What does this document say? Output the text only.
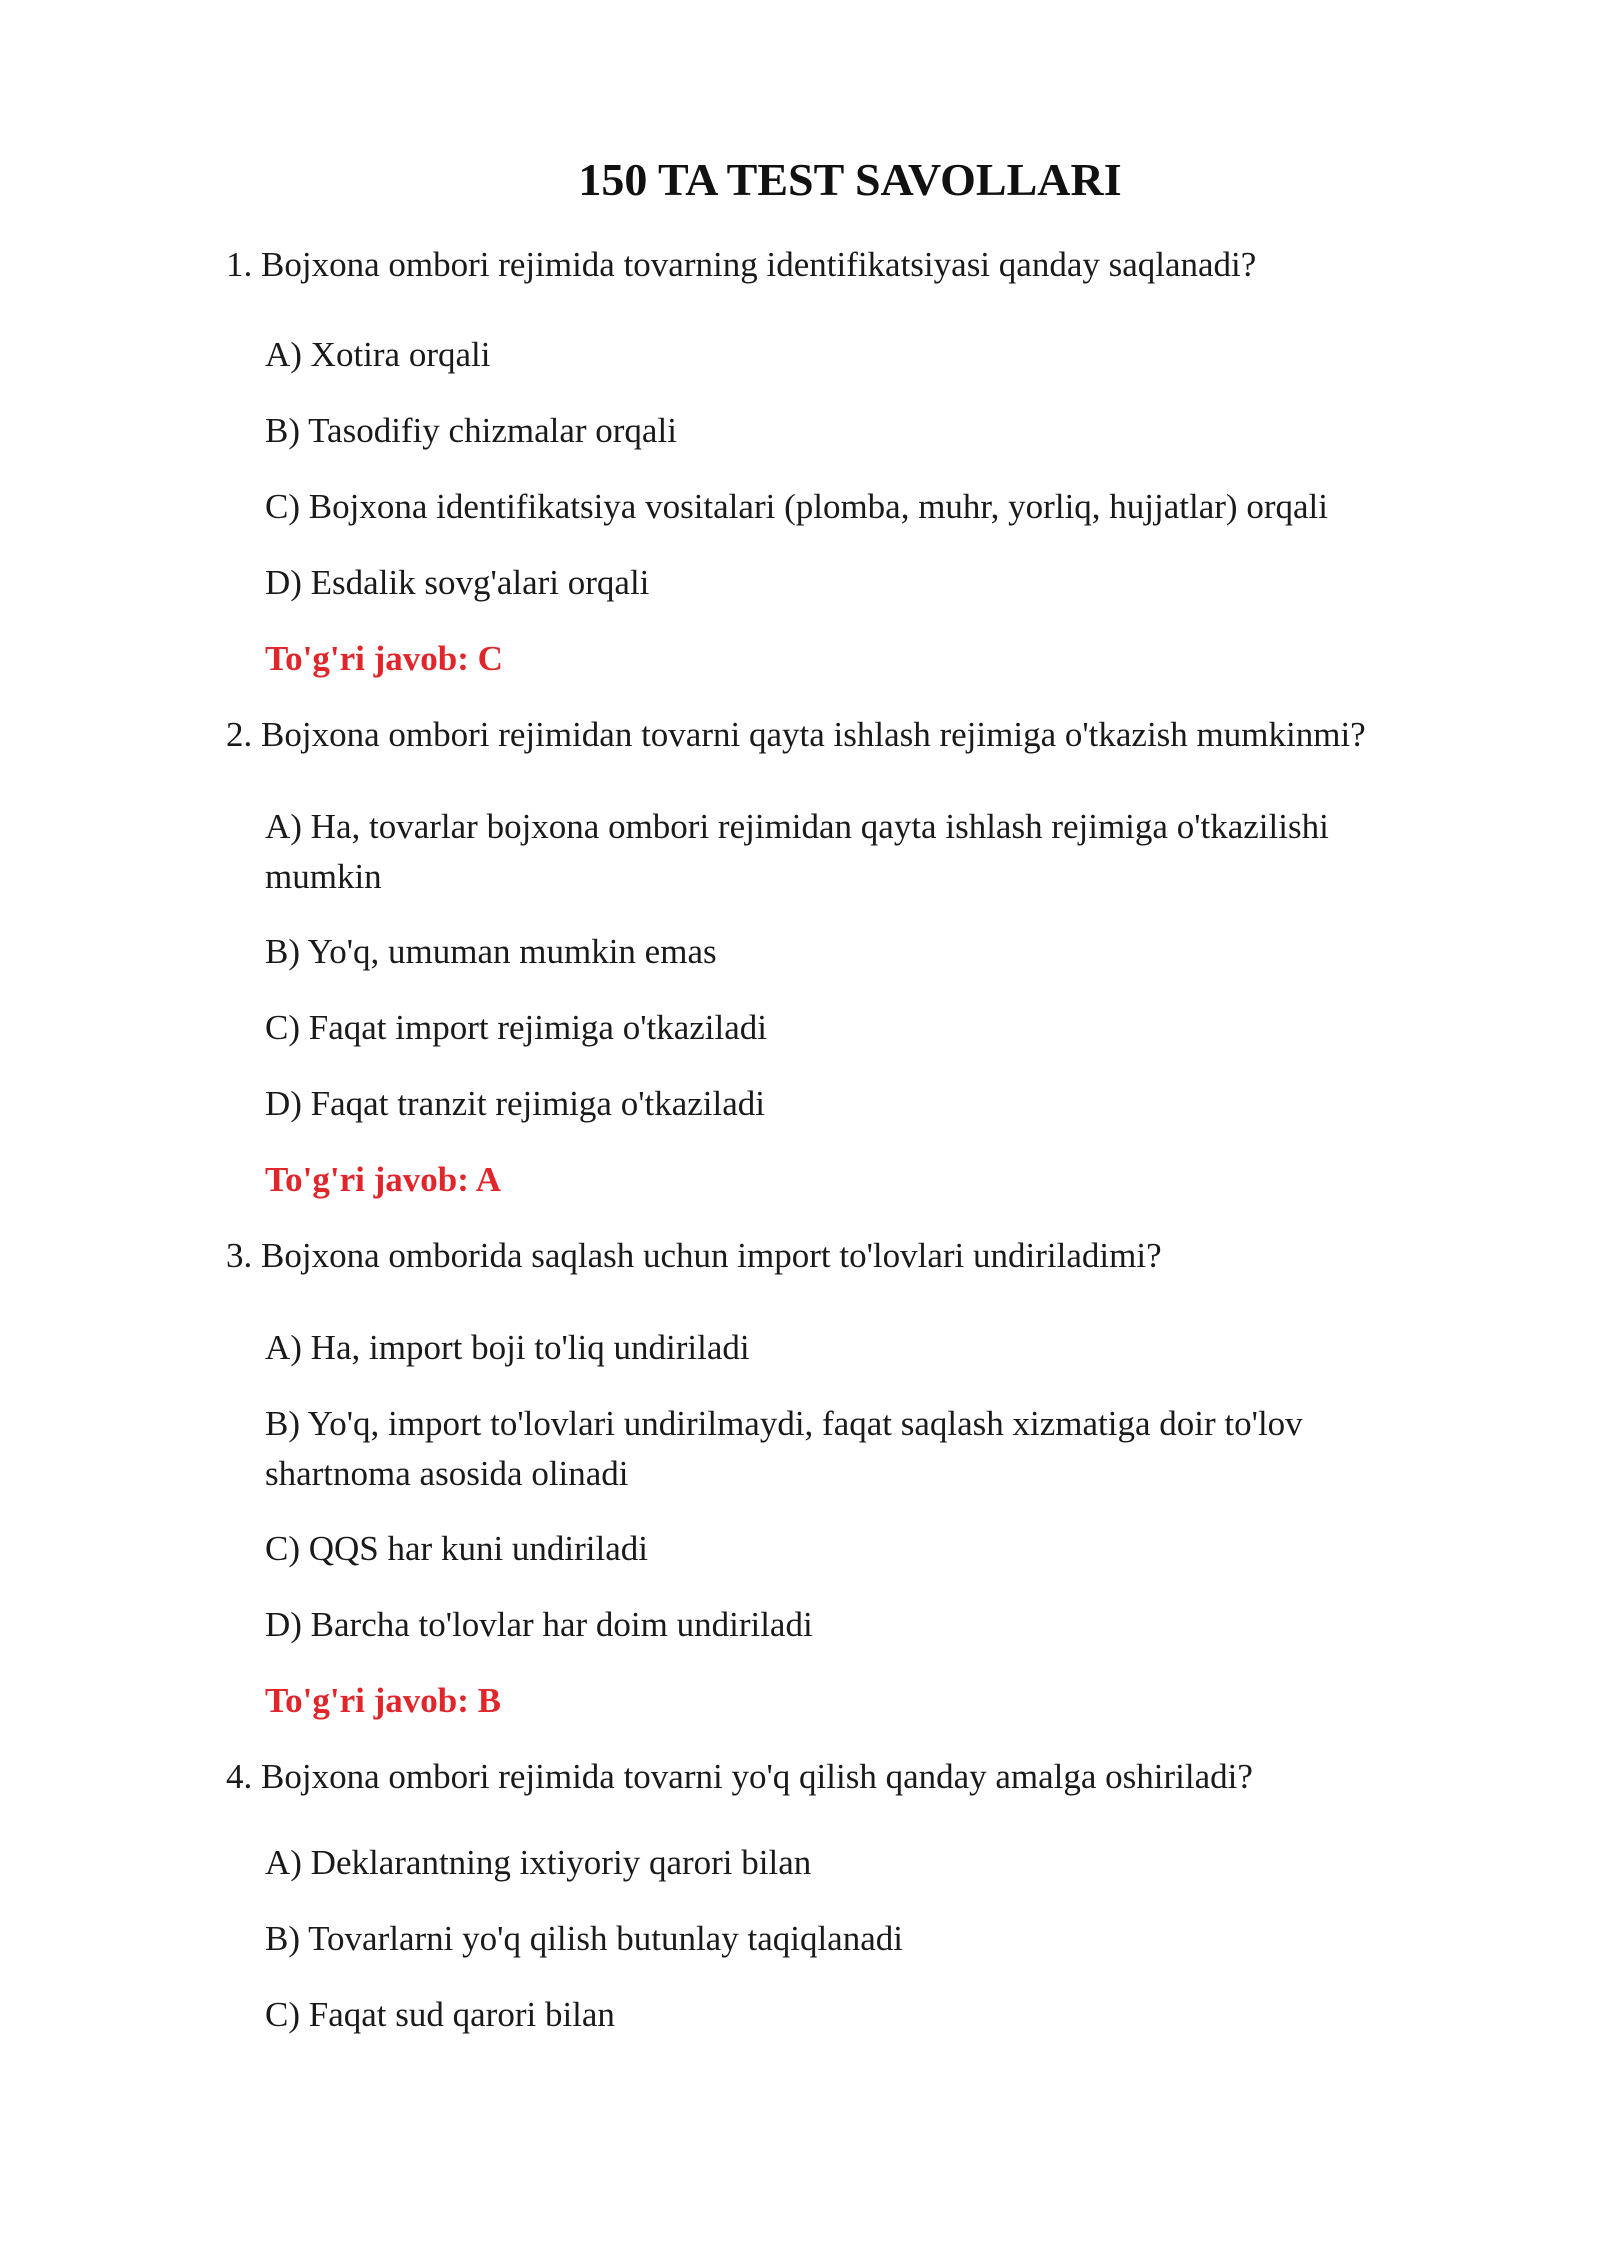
150 TA TEST SAVOLLARI
1. Bojxona ombori rejimida tovarning identifikatsiyasi qanday saqlanadi?
A) Xotira orqali
B) Tasodifiy chizmalar orqali
C) Bojxona identifikatsiya vositalari (plomba, muhr, yorliq, hujjatlar) orqali
D) Esdalik sovg'alari orqali
To'g'ri javob: C
2. Bojxona ombori rejimidan tovarni qayta ishlash rejimiga o'tkazish mumkinmi?
A) Ha, tovarlar bojxona ombori rejimidan qayta ishlash rejimiga o'tkazilishi mumkin
B) Yo'q, umuman mumkin emas
C) Faqat import rejimiga o'tkaziladi
D) Faqat tranzit rejimiga o'tkaziladi
To'g'ri javob: A
3. Bojxona omborida saqlash uchun import to'lovlari undiriladimi?
A) Ha, import boji to'liq undiriladi
B) Yo'q, import to'lovlari undirilmaydi, faqat saqlash xizmatiga doir to'lov shartnoma asosida olinadi
C) QQS har kuni undiriladi
D) Barcha to'lovlar har doim undiriladi
To'g'ri javob: B
4. Bojxona ombori rejimida tovarni yo'q qilish qanday amalga oshiriladi?
A) Deklarantning ixtiyoriy qarori bilan
B) Tovarlarni yo'q qilish butunlay taqiqlanadi
C) Faqat sud qarori bilan
